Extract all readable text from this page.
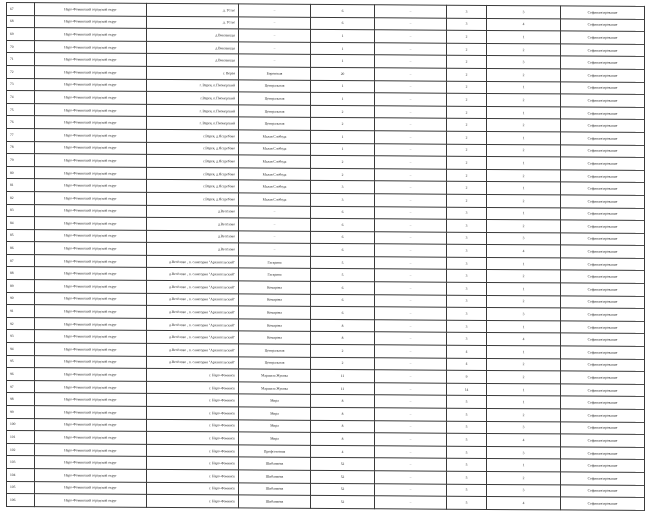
67	Наро-Фоминский городской округ	д. Устье	–	6	–	3	3	Софинансирование
68	Наро-Фоминский городской округ	д. Устье	–	6	–	3	4	Софинансирование
69	Наро-Фоминский городской округ	д.Винзаводы	–	1	–	2	1	Софинансирование
70	Наро-Фоминский городской округ	д.Винзаводы	–	1	–	2	2	Софинансирование
71	Наро-Фоминский городской округ	д.Винзаводы	–	1	–	2	3	Софинансирование
72	Наро-Фоминский городской округ	г. Верея	Боровская	20	–	2	2	Софинансирование
73	Наро-Фоминский городской округ	г. Верея, п.Пионерский	Центральная	1	–	2	1	Софинансирование
74	Наро-Фоминский городской округ	г.Верея, п.Пионерский	Центральная	1	–	2	2	Софинансирование
75	Наро-Фоминский городской округ	г. Верея, п.Пионерский	Центральная	2	–	2	1	Софинансирование
76	Наро-Фоминский городской округ	г. Верея, п.Пионерский	Центральная	2	–	2	2	Софинансирование
77	Наро-Фоминский городской округ	г.Верея, д.Ястребово	Малая Слобода	1	–	2	1	Софинансирование
78	Наро-Фоминский городской округ	г.Верея, д.Ястребово	Малая Слобода	1	–	2	2	Софинансирование
79	Наро-Фоминский городской округ	г.Верея, д.Ястребово	Малая Слобода	2	–	2	1	Софинансирование
80	Наро-Фоминский городской округ	г.Верея, д.Ястребово	Малая Слобода	2	–	2	2	Софинансирование
81	Наро-Фоминский городской округ	г.Верея, д.Ястребово	Малая Слобода	3	–	2	1	Софинансирование
82	Наро-Фоминский городской округ	г.Верея, д.Ястребово	Малая Слобода	3	–	2	2	Софинансирование
83	Наро-Фоминский городской округ	д.Весёлово	–	6	–	3	1	Софинансирование
84	Наро-Фоминский городской округ	д.Весёлово	–	6	–	3	2	Софинансирование
85	Наро-Фоминский городской округ	д.Весёлово	–	6	–	3	3	Софинансирование
86	Наро-Фоминский городской округ	д.Весёлово	–	6	–	3	4	Софинансирование
87	Наро-Фоминский городской округ	д.Весёлово , п. санатория "Архангельский"	Гагарина	5	–	3	1	Софинансирование
88	Наро-Фоминский городской округ	д.Весёлово , п. санатория "Архангельский"	Гагарина	5	–	3	2	Софинансирование
89	Наро-Фоминский городской округ	д.Весёлово , п. санатория "Архангельский"	Комарова	6	–	3	1	Софинансирование
90	Наро-Фоминский городской округ	д.Весёлово , п. санатория "Архангельский"	Комарова	6	–	3	2	Софинансирование
91	Наро-Фоминский городской округ	д.Весёлово , п. санатория "Архангельский"	Комарова	6	–	3	3	Софинансирование
92	Наро-Фоминский городской округ	д.Весёлово , п. санатория "Архангельский"	Комарова	8	–	3	1	Софинансирование
93	Наро-Фоминский городской округ	д.Весёлово , п. санатория "Архангельский"	Комарова	8	–	3	4	Софинансирование
94	Наро-Фоминский городской округ	д.Весёлово , п. санатория "Архангельский"	Центральная	2	–	4	1	Софинансирование
95	Наро-Фоминский городской округ	д.Весёлово , п. санатория "Архангельский"	Центральная	2	–	4	2	Софинансирование
96	Наро-Фоминский городской округ	г. Наро-Фоминск	Маршала Жукова	11	–	9	2	Софинансирование
97	Наро-Фоминский городской округ	г. Наро-Фоминск	Маршала Жукова	11	–	14	1	Софинансирование
98	Наро-Фоминский городской округ	г. Наро-Фоминск	Мира	8	–	5	1	Софинансирование
99	Наро-Фоминский городской округ	г. Наро-Фоминск	Мира	8	–	5	2	Софинансирование
100	Наро-Фоминский городской округ	г. Наро-Фоминск	Мира	8	–	5	3	Софинансирование
101	Наро-Фоминский городской округ	г. Наро-Фоминск	Мира	8	–	5	4	Софинансирование
102	Наро-Фоминский городской округ	г. Наро-Фоминск	Профсоюзная	4	–	5	3	Софинансирование
103	Наро-Фоминский городской округ	г. Наро-Фоминск	Шибанкова	52	–	5	1	Софинансирование
104	Наро-Фоминский городской округ	г. Наро-Фоминск	Шибанкова	52	–	5	2	Софинансирование
105	Наро-Фоминский городской округ	г. Наро-Фоминск	Шибанкова	52	–	5	3	Софинансирование
106	Наро-Фоминский городской округ	г. Наро-Фоминск	Шибанкова	52	–	5	4	Софинансирование
